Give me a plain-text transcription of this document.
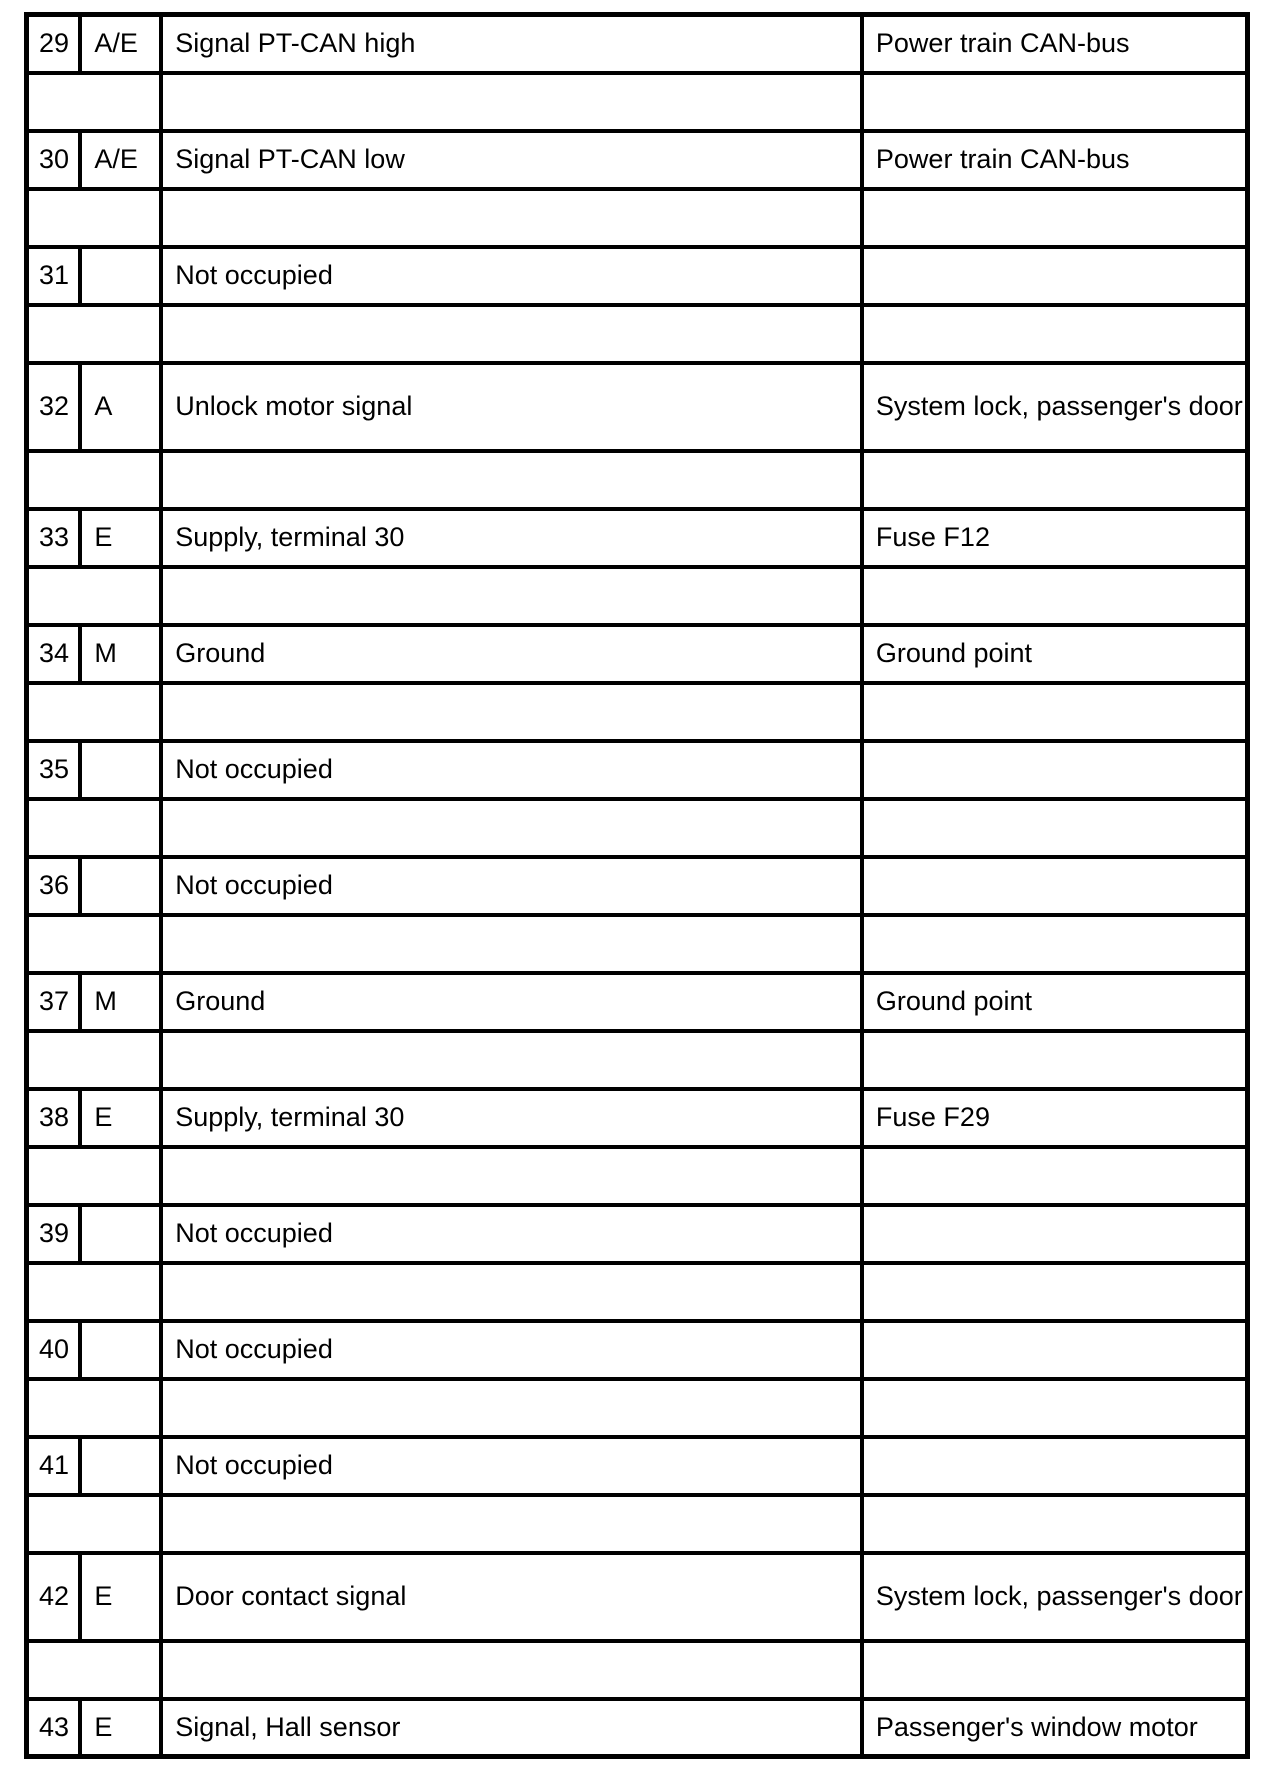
29	A/E	Signal PT-CAN high	Power train CAN-bus

30	A/E	Signal PT-CAN low	Power train CAN-bus

31		Not occupied	

32	A	Unlock motor signal	System lock, passenger's door

33	E	Supply, terminal 30	Fuse F12

34	M	Ground	Ground point

35		Not occupied	

36		Not occupied	

37	M	Ground	Ground point

38	E	Supply, terminal 30	Fuse F29

39		Not occupied	

40		Not occupied	

41		Not occupied	

42	E	Door contact signal	System lock, passenger's door

43	E	Signal, Hall sensor	Passenger's window motor
